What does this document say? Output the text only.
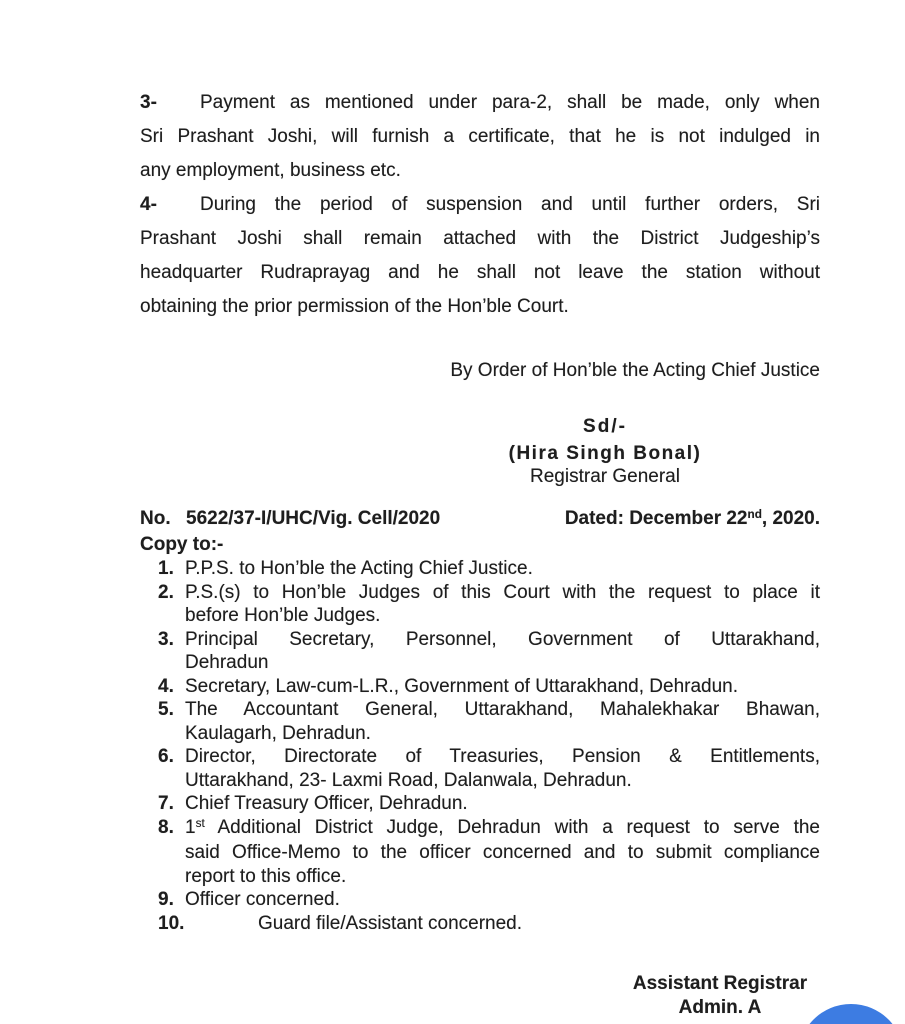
3- Payment as mentioned under para-2, shall be made, only when
Sri Prashant Joshi, will furnish a certificate, that he is not indulged in
any employment, business etc.
4- During the period of suspension and until further orders, Sri
Prashant Joshi shall remain attached with the District Judgeship’s
headquarter Rudraprayag and he shall not leave the station without
obtaining the prior permission of the Hon’ble Court.
By Order of Hon’ble the Acting Chief Justice
Sd/-
(Hira Singh Bonal)
Registrar General
No. 5622/37-I/UHC/Vig. Cell/2020	Dated: December 22nd, 2020.
Copy to:-
1. P.P.S. to Hon’ble the Acting Chief Justice.
2. P.S.(s) to Hon’ble Judges of this Court with the request to place it
before Hon’ble Judges.
3. Principal Secretary, Personnel, Government of Uttarakhand,
Dehradun
4. Secretary, Law-cum-L.R., Government of Uttarakhand, Dehradun.
5. The Accountant General, Uttarakhand, Mahalekhakar Bhawan,
Kaulagarh, Dehradun.
6. Director, Directorate of Treasuries, Pension & Entitlements,
Uttarakhand, 23- Laxmi Road, Dalanwala, Dehradun.
7. Chief Treasury Officer, Dehradun.
8. 1st Additional District Judge, Dehradun with a request to serve the
said Office-Memo to the officer concerned and to submit compliance
report to this office.
9. Officer concerned.
10.	Guard file/Assistant concerned.
Assistant Registrar
Admin. A
